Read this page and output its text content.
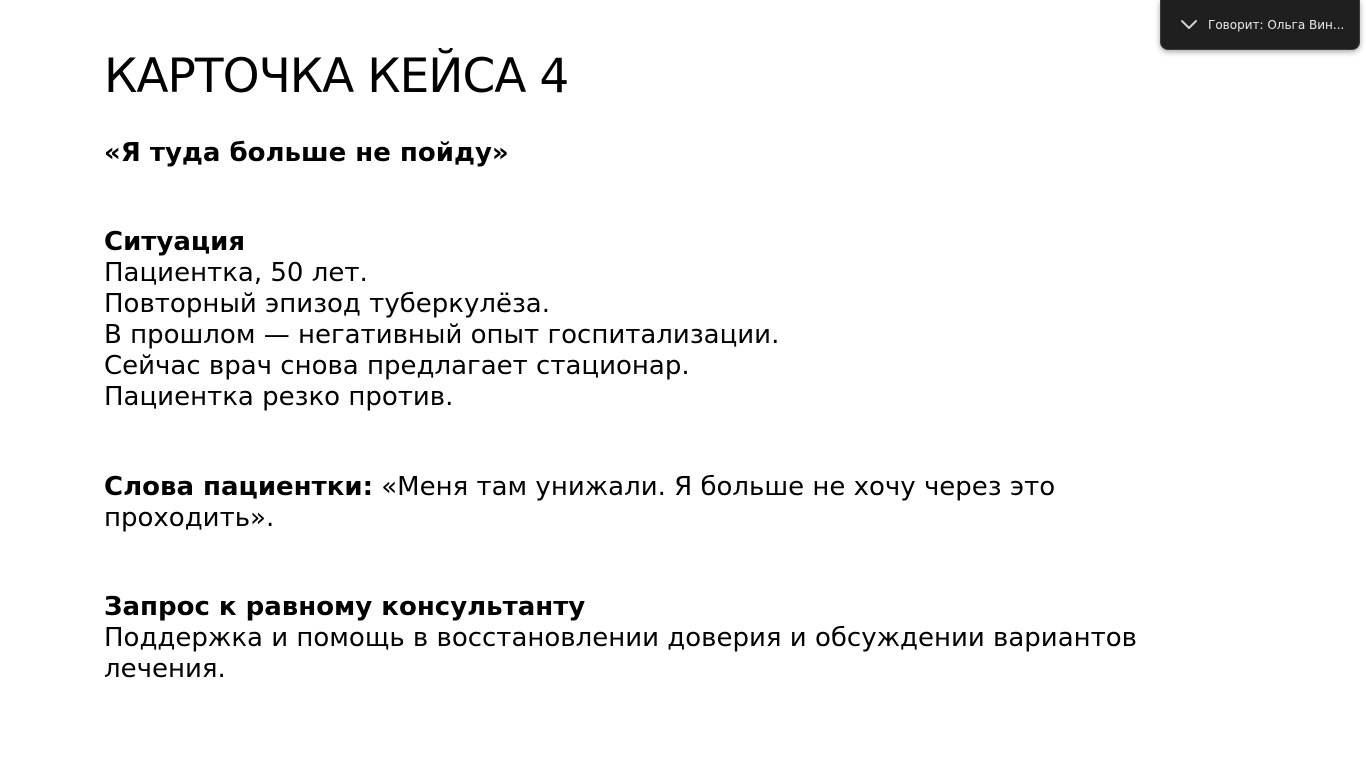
КАРТОЧКА КЕЙСА 4

«Я туда больше не пойду»

Ситуация
Пациентка, 50 лет.
Повторный эпизод туберкулёза.
В прошлом — негативный опыт госпитализации.
Сейчас врач снова предлагает стационар.
Пациентка резко против.
Слова пациентки: «Меня там унижали. Я больше не хочу через это проходить».
Запрос к равному консультанту
Поддержка и помощь в восстановлении доверия и обсуждении вариантов лечения.
Говорит: Ольга Вин...
